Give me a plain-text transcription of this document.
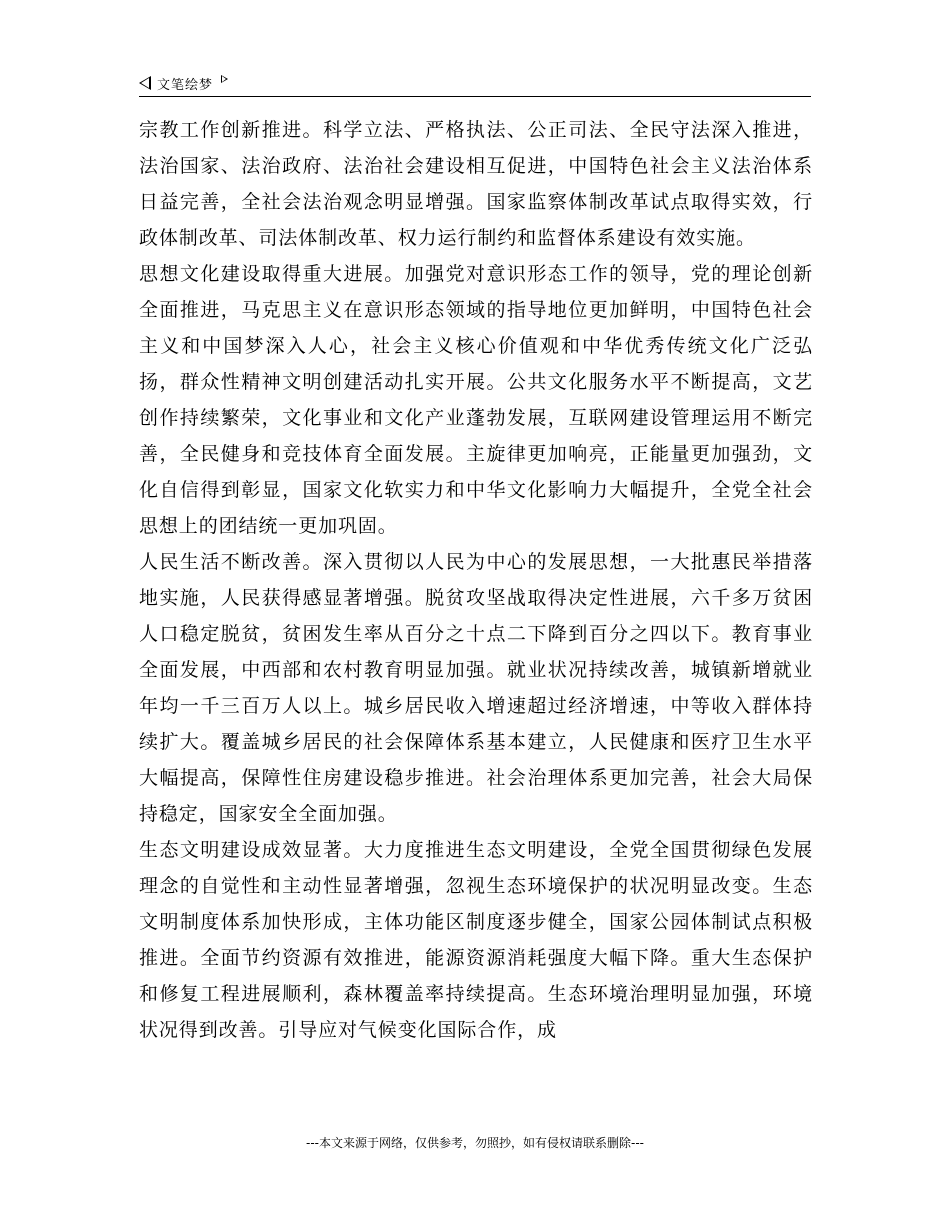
文笔绘梦

宗教工作创新推进。科学立法、严格执法、公正司法、全民守法深入推进，法治国家、法治政府、法治社会建设相互促进，中国特色社会主义法治体系日益完善，全社会法治观念明显增强。国家监察体制改革试点取得实效，行政体制改革、司法体制改革、权力运行制约和监督体系建设有效实施。

思想文化建设取得重大进展。加强党对意识形态工作的领导，党的理论创新全面推进，马克思主义在意识形态领域的指导地位更加鲜明，中国特色社会主义和中国梦深入人心，社会主义核心价值观和中华优秀传统文化广泛弘扬，群众性精神文明创建活动扎实开展。公共文化服务水平不断提高，文艺创作持续繁荣，文化事业和文化产业蓬勃发展，互联网建设管理运用不断完善，全民健身和竞技体育全面发展。主旋律更加响亮，正能量更加强劲，文化自信得到彰显，国家文化软实力和中华文化影响力大幅提升，全党全社会思想上的团结统一更加巩固。

人民生活不断改善。深入贯彻以人民为中心的发展思想，一大批惠民举措落地实施，人民获得感显著增强。脱贫攻坚战取得决定性进展，六千多万贫困人口稳定脱贫，贫困发生率从百分之十点二下降到百分之四以下。教育事业全面发展，中西部和农村教育明显加强。就业状况持续改善，城镇新增就业年均一千三百万人以上。城乡居民收入增速超过经济增速，中等收入群体持续扩大。覆盖城乡居民的社会保障体系基本建立，人民健康和医疗卫生水平大幅提高，保障性住房建设稳步推进。社会治理体系更加完善，社会大局保持稳定，国家安全全面加强。

生态文明建设成效显著。大力度推进生态文明建设，全党全国贯彻绿色发展理念的自觉性和主动性显著增强，忽视生态环境保护的状况明显改变。生态文明制度体系加快形成，主体功能区制度逐步健全，国家公园体制试点积极推进。全面节约资源有效推进，能源资源消耗强度大幅下降。重大生态保护和修复工程进展顺利，森林覆盖率持续提高。生态环境治理明显加强，环境状况得到改善。引导应对气候变化国际合作，成

---本文来源于网络，仅供参考，勿照抄，如有侵权请联系删除---
